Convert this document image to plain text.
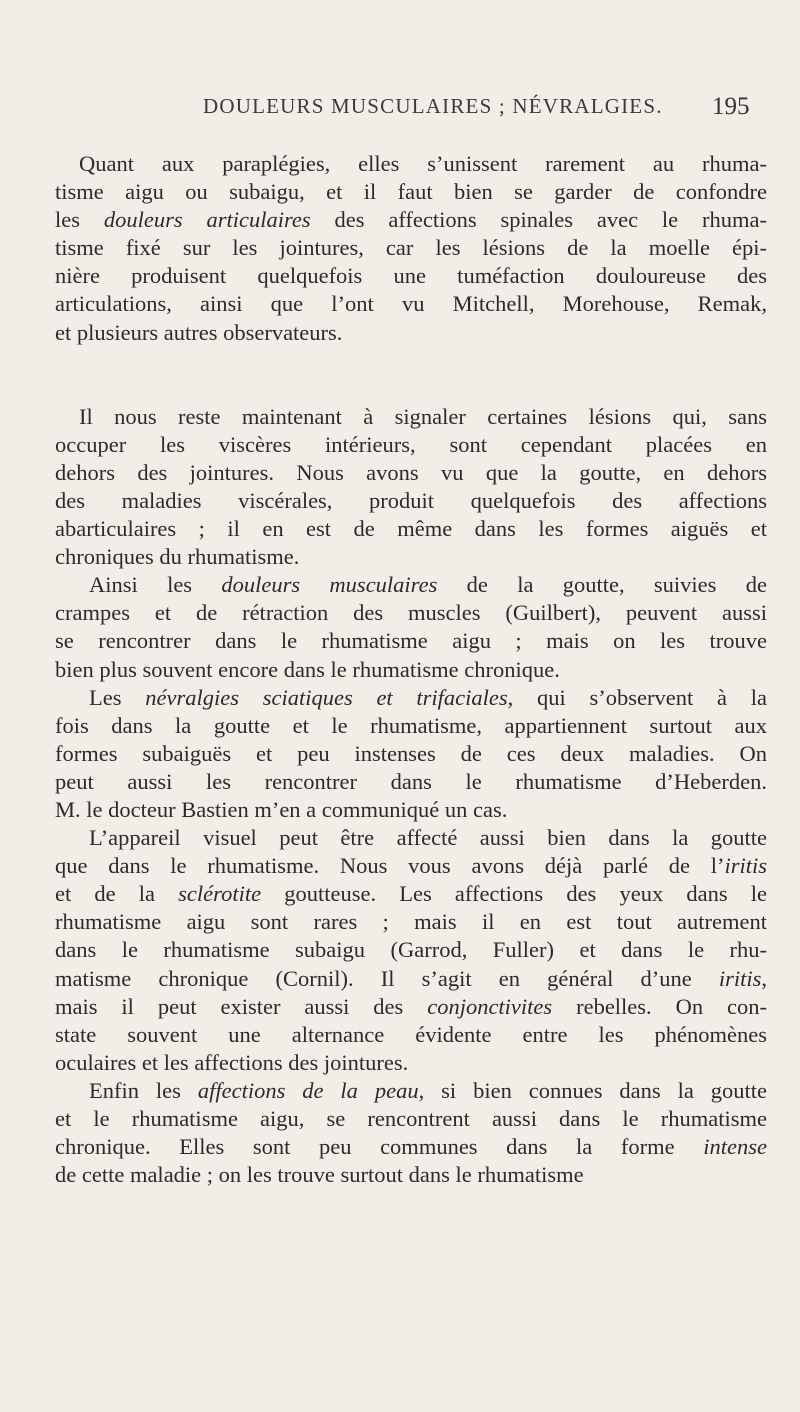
DOULEURS MUSCULAIRES ; NÉVRALGIES. 195
Quant aux paraplégies, elles s’unissent rarement au rhuma-
tisme aigu ou subaigu, et il faut bien se garder de confondre
les douleurs articulaires des affections spinales avec le rhuma-
tisme fixé sur les jointures, car les lésions de la moelle épi-
nière produisent quelquefois une tuméfaction douloureuse des
articulations, ainsi que l’ont vu Mitchell, Morehouse, Remak,
et plusieurs autres observateurs.
Il nous reste maintenant à signaler certaines lésions qui, sans
occuper les viscères intérieurs, sont cependant placées en
dehors des jointures. Nous avons vu que la goutte, en dehors
des maladies viscérales, produit quelquefois des affections
abarticulaires ; il en est de même dans les formes aiguës et
chroniques du rhumatisme.
Ainsi les douleurs musculaires de la goutte, suivies de
crampes et de rétraction des muscles (Guilbert), peuvent aussi
se rencontrer dans le rhumatisme aigu ; mais on les trouve
bien plus souvent encore dans le rhumatisme chronique.
Les névralgies sciatiques et trifaciales, qui s’observent à la
fois dans la goutte et le rhumatisme, appartiennent surtout aux
formes subaiguës et peu instenses de ces deux maladies. On
peut aussi les rencontrer dans le rhumatisme d’Heberden.
M. le docteur Bastien m’en a communiqué un cas.
L’appareil visuel peut être affecté aussi bien dans la goutte
que dans le rhumatisme. Nous vous avons déjà parlé de l’iritis
et de la sclérotite goutteuse. Les affections des yeux dans le
rhumatisme aigu sont rares ; mais il en est tout autrement
dans le rhumatisme subaigu (Garrod, Fuller) et dans le rhu-
matisme chronique (Cornil). Il s’agit en général d’une iritis,
mais il peut exister aussi des conjonctivites rebelles. On con-
state souvent une alternance évidente entre les phénomènes
oculaires et les affections des jointures.
Enfin les affections de la peau, si bien connues dans la goutte
et le rhumatisme aigu, se rencontrent aussi dans le rhumatisme
chronique. Elles sont peu communes dans la forme intense
de cette maladie ; on les trouve surtout dans le rhumatisme
